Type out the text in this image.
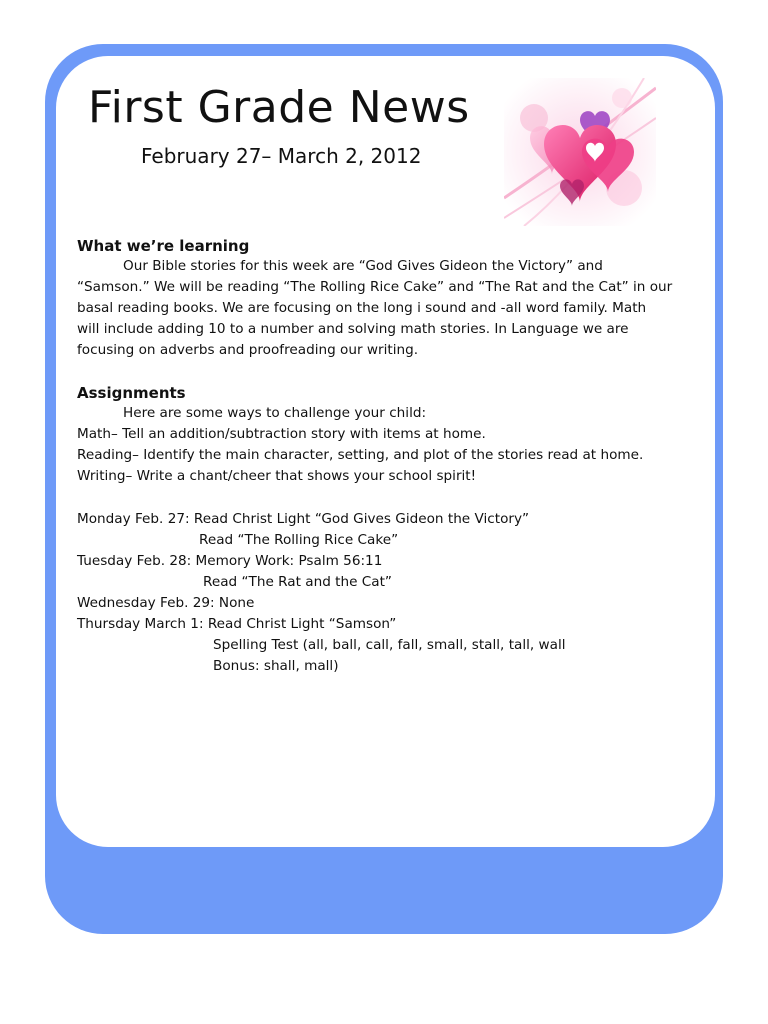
First Grade News

February 27– March 2, 2012

What we’re learning
Our Bible stories for this week are “God Gives Gideon the Victory” and
“Samson.” We will be reading “The Rolling Rice Cake” and “The Rat and the Cat” in our
basal reading books. We are focusing on the long i sound and -all word family. Math
will include adding 10 to a number and solving math stories. In Language we are
focusing on adverbs and proofreading our writing.
Assignments
Here are some ways to challenge your child:
Math– Tell an addition/subtraction story with items at home.
Reading– Identify the main character, setting, and plot of the stories read at home.
Writing– Write a chant/cheer that shows your school spirit!
Monday Feb. 27: Read Christ Light “God Gives Gideon the Victory”
Read “The Rolling Rice Cake”
Tuesday Feb. 28: Memory Work: Psalm 56:11
Read “The Rat and the Cat”
Wednesday Feb. 29: None
Thursday March 1: Read Christ Light “Samson”
Spelling Test (all, ball, call, fall, small, stall, tall, wall
Bonus: shall, mall)
